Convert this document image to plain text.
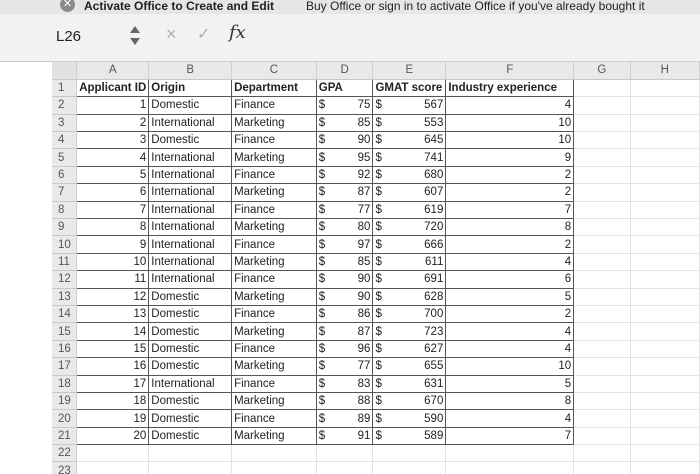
✕ Activate Office to Create and Edit	Buy Office or sign in to activate Office if you've already bought it
L26	× ✓ fx
	A	B	C	D	E	F	G	H
1	Applicant ID	Origin	Department	GPA	GMAT score	Industry experience		
2	1	Domestic	Finance	$ 75	$ 567	4		
3	2	International	Marketing	$ 85	$ 553	10		
4	3	Domestic	Finance	$ 90	$ 645	10		
5	4	International	Marketing	$ 95	$ 741	9		
6	5	International	Finance	$ 92	$ 680	2		
7	6	International	Marketing	$ 87	$ 607	2		
8	7	International	Finance	$ 77	$ 619	7		
9	8	International	Marketing	$ 80	$ 720	8		
10	9	International	Finance	$ 97	$ 666	2		
11	10	International	Marketing	$ 85	$ 611	4		
12	11	International	Finance	$ 90	$ 691	6		
13	12	Domestic	Marketing	$ 90	$ 628	5		
14	13	Domestic	Finance	$ 86	$ 700	2		
15	14	Domestic	Marketing	$ 87	$ 723	4		
16	15	Domestic	Finance	$ 96	$ 627	4		
17	16	Domestic	Marketing	$ 77	$ 655	10		
18	17	International	Finance	$ 83	$ 631	5		
19	18	Domestic	Marketing	$ 88	$ 670	8		
20	19	Domestic	Finance	$ 89	$ 590	4		
21	20	Domestic	Marketing	$ 91	$ 589	7		
22								
23								
